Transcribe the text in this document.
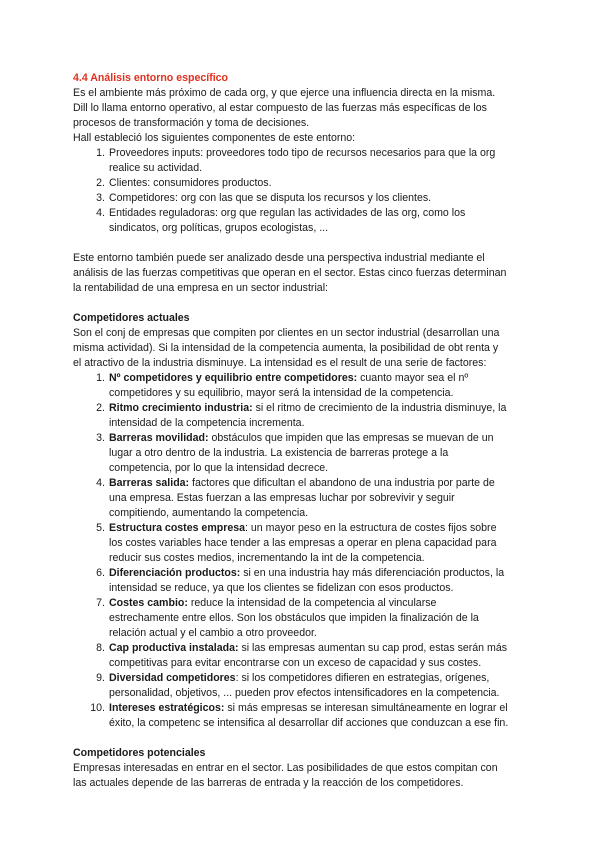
4.4 Análisis entorno específico
Es el ambiente más próximo de cada org, y que ejerce una influencia directa en la misma.
Dill lo llama entorno operativo, al estar compuesto de las fuerzas más específicas de los
procesos de transformación y toma de decisiones.
Hall estableció los siguientes componentes de este entorno:
1. Proveedores inputs: proveedores todo tipo de recursos necesarios para que la org
realice su actividad.
2. Clientes: consumidores productos.
3. Competidores: org con las que se disputa los recursos y los clientes.
4. Entidades reguladoras: org que regulan las actividades de las org, como los
sindicatos, org políticas, grupos ecologistas, ...
Este entorno también puede ser analizado desde una perspectiva industrial mediante el
análisis de las fuerzas competitivas que operan en el sector. Estas cinco fuerzas determinan
la rentabilidad de una empresa en un sector industrial:
Competidores actuales
Son el conj de empresas que compiten por clientes en un sector industrial (desarrollan una
misma actividad). Si la intensidad de la competencia aumenta, la posibilidad de obt renta y
el atractivo de la industria disminuye. La intensidad es el result de una serie de factores:
1. Nº competidores y equilibrio entre competidores: cuanto mayor sea el nº
competidores y su equilibrio, mayor será la intensidad de la competencia.
2. Ritmo crecimiento industria: si el ritmo de crecimiento de la industria disminuye, la
intensidad de la competencia incrementa.
3. Barreras movilidad: obstáculos que impiden que las empresas se muevan de un
lugar a otro dentro de la industria. La existencia de barreras protege a la
competencia, por lo que la intensidad decrece.
4. Barreras salida: factores que dificultan el abandono de una industria por parte de
una empresa. Estas fuerzan a las empresas luchar por sobrevivir y seguir
compitiendo, aumentando la competencia.
5. Estructura costes empresa: un mayor peso en la estructura de costes fijos sobre
los costes variables hace tender a las empresas a operar en plena capacidad para
reducir sus costes medios, incrementando la int de la competencia.
6. Diferenciación productos: si en una industria hay más diferenciación productos, la
intensidad se reduce, ya que los clientes se fidelizan con esos productos.
7. Costes cambio: reduce la intensidad de la competencia al vincularse
estrechamente entre ellos. Son los obstáculos que impiden la finalización de la
relación actual y el cambio a otro proveedor.
8. Cap productiva instalada: si las empresas aumentan su cap prod, estas serán más
competitivas para evitar encontrarse con un exceso de capacidad y sus costes.
9. Diversidad competidores: si los competidores difieren en estrategias, orígenes,
personalidad, objetivos, ... pueden prov efectos intensificadores en la competencia.
10. Intereses estratégicos: si más empresas se interesan simultáneamente en lograr el
éxito, la competenc se intensifica al desarrollar dif acciones que conduzcan a ese fin.
Competidores potenciales
Empresas interesadas en entrar en el sector. Las posibilidades de que estos compitan con
las actuales depende de las barreras de entrada y la reacción de los competidores.
